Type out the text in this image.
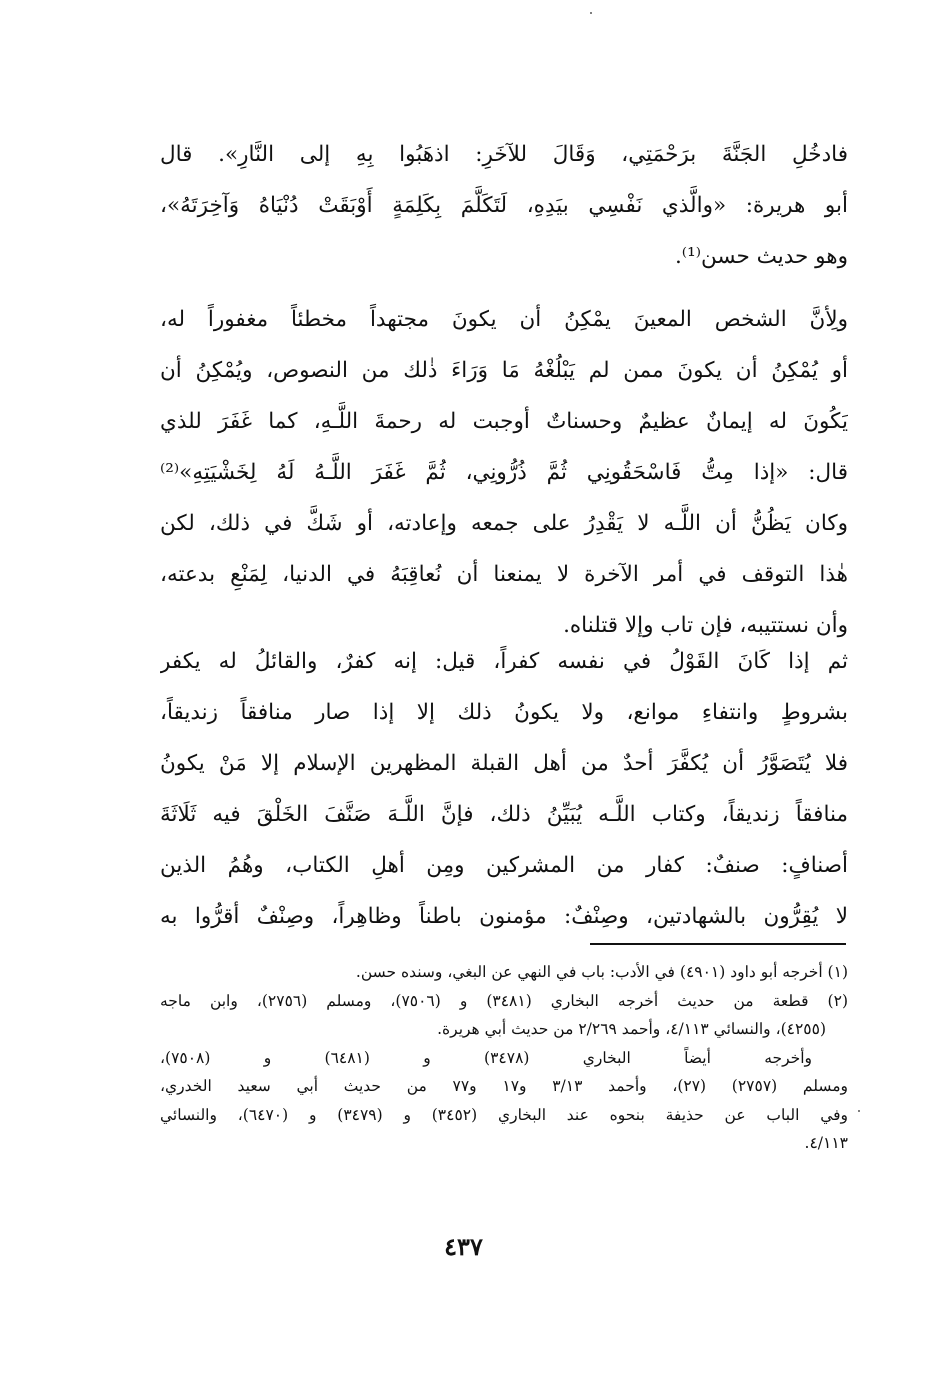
فادخُلِ الجَنَّةَ برَحْمَتِي، وَقَالَ للآخَرِ: اذهَبُوا بِهِ إلى النَّارِ». قال
أبو هريرة: «والَّذي نَفْسِي بيَدِهِ، لَتَكَلَّمَ بِكَلِمَةٍ أَوْبَقَتْ دُنْيَاهُ وَآخِرَتَهُ»،
وهو حديث حسن⁽¹⁾.

ولِأنَّ الشخص المعينَ يمْكِنُ أن يكونَ مجتهداً مخطئاً مغفوراً له،
أو يُمْكِنُ أن يكونَ ممن لم يَبْلُغْهُ مَا وَرَاءَ ذٰلك من النصوص، ويُمْكِنُ أن
يَكُونَ له إيمانٌ عظيمٌ وحسناتٌ أوجبت له رحمةَ اللَّـهِ، كما غَفَرَ للذي
قال: «إذا مِتُّ فَاسْحَقُونِي ثُمَّ ذُرُّونِي، ثُمَّ غَفَرَ اللَّـهُ لَهُ لِخَشْيَتِهِ»⁽²⁾
وكان يَظُنُّ أن اللَّـه لا يَقْدِرُ على جمعه وإعادته، أو شَكَّ في ذلك، لكن
هٰذا التوقف في أمر الآخرة لا يمنعنا أن نُعاقِبَهُ في الدنيا، لِمَنْعِ بدعته،
وأن نستتيبه، فإن تاب وإلا قتلناه.

ثم إذا كَانَ القَوْلُ في نفسه كفراً، قيل: إنه كفرٌ، والقائلُ له يكفر
بشروطٍ وانتفاءِ موانع، ولا يكونُ ذلك إلا إذا صار منافقاً زنديقاً،
فلا يُتَصَوَّرُ أن يُكفَّرَ أحدٌ من أهل القبلة المظهرين الإسلام إلا مَنْ يكونُ
منافقاً زنديقاً، وكتاب اللَّـه يُبَيِّنُ ذلك، فإنَّ اللَّـهَ صَنَّفَ الخَلْقَ فيه ثَلَاثَةَ
أصنافٍ: صنفٌ: كفار من المشركين ومِن أهلِ الكتاب، وهُمُ الذين
لا يُقِرُّون بالشهادتين، وصِنْفٌ: مؤمنون باطناً وظاهِراً، وصِنْفٌ أقرُّوا به

(١) أخرجه أبو داود (٤٩٠١) في الأدب: باب في النهي عن البغي، وسنده حسن.
(٢) قطعة من حديث أخرجه البخاري (٣٤٨١) و (٧٥٠٦)، ومسلم (٢٧٥٦)، وابن ماجه
(٤٢٥٥)، والنسائي ٤/١١٣، وأحمد ٢/٢٦٩ من حديث أبي هريرة.
وأخرجه أيضاً البخاري (٣٤٧٨) و (٦٤٨١) و (٧٥٠٨)،
ومسلم (٢٧٥٧) (٢٧)، وأحمد ٣/١٣ و١٧ و٧٧ من حديث أبي سعيد الخدري،
وفي الباب عن حذيفة بنحوه عند البخاري (٣٤٥٢) و (٣٤٧٩) و (٦٤٧٠)، والنسائي
٤/١١٣.
٤٣٧
